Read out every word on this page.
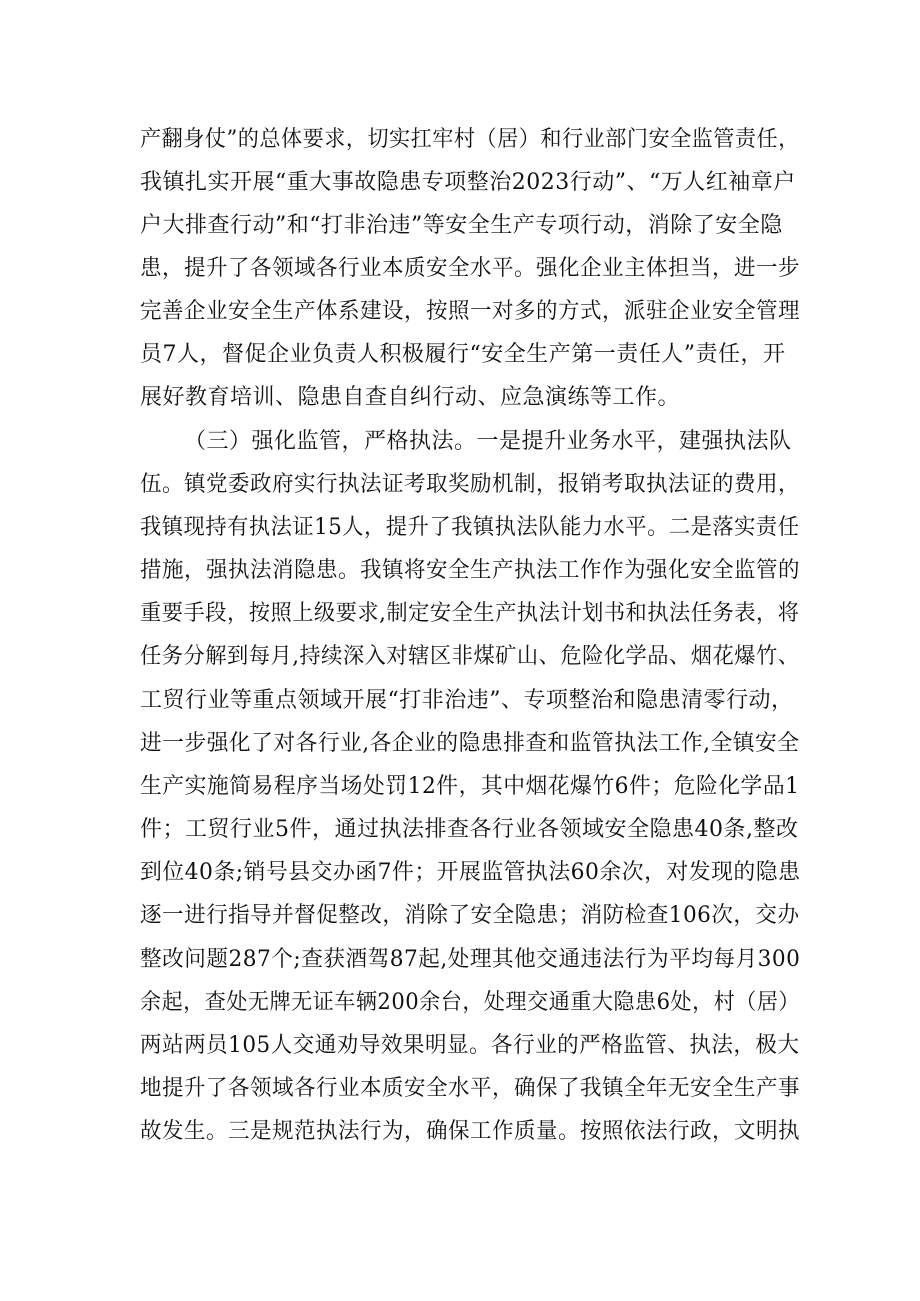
产翻身仗”的总体要求，切实扛牢村（居）和行业部门安全监管责任，
我镇扎实开展“重大事故隐患专项整治2023行动”、“万人红袖章户
户大排查行动”和“打非治违”等安全生产专项行动，消除了安全隐
患，提升了各领域各行业本质安全水平。强化企业主体担当，进一步
完善企业安全生产体系建设，按照一对多的方式，派驻企业安全管理
员7人，督促企业负责人积极履行“安全生产第一责任人”责任，开
展好教育培训、隐患自查自纠行动、应急演练等工作。
（三）强化监管，严格执法。一是提升业务水平，建强执法队
伍。镇党委政府实行执法证考取奖励机制，报销考取执法证的费用，
我镇现持有执法证15人，提升了我镇执法队能力水平。二是落实责任
措施，强执法消隐患。我镇将安全生产执法工作作为强化安全监管的
重要手段，按照上级要求,制定安全生产执法计划书和执法任务表，将
任务分解到每月,持续深入对辖区非煤矿山、危险化学品、烟花爆竹、
工贸行业等重点领域开展“打非治违”、专项整治和隐患清零行动，
进一步强化了对各行业,各企业的隐患排查和监管执法工作,全镇安全
生产实施简易程序当场处罚12件，其中烟花爆竹6件；危险化学品1
件；工贸行业5件，通过执法排查各行业各领域安全隐患40条,整改
到位40条;销号县交办函7件；开展监管执法60余次，对发现的隐患
逐一进行指导并督促整改，消除了安全隐患；消防检查106次，交办
整改问题287个;查获酒驾87起,处理其他交通违法行为平均每月300
余起，查处无牌无证车辆200余台，处理交通重大隐患6处，村（居）
两站两员105人交通劝导效果明显。各行业的严格监管、执法，极大
地提升了各领域各行业本质安全水平，确保了我镇全年无安全生产事
故发生。三是规范执法行为，确保工作质量。按照依法行政，文明执
